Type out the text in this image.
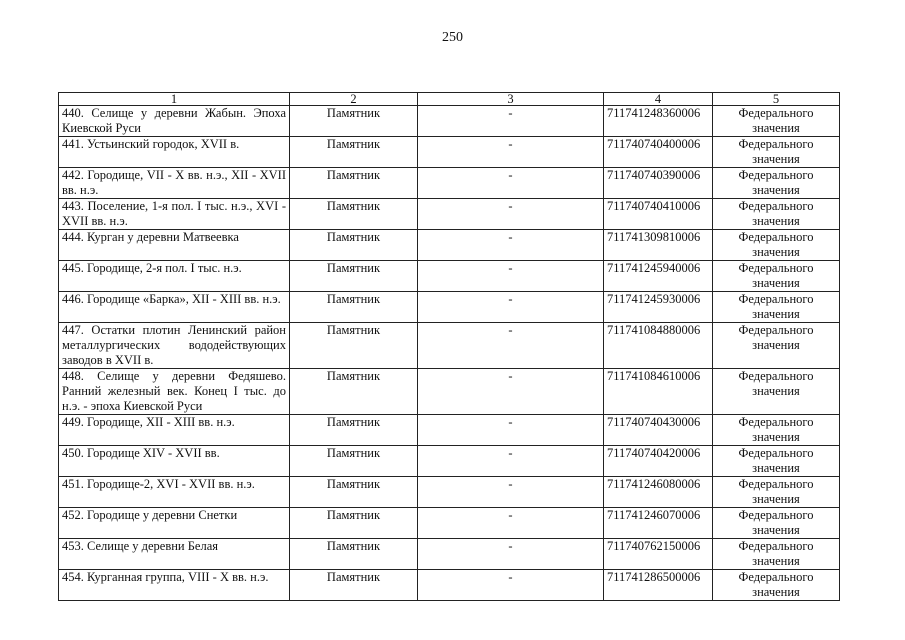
250
1	2	3	4	5
440. Селище у деревни Жабын. Эпоха Киевской Руси	Памятник	-	711741248360006	Федерального значения
441. Устьинский городок, XVII в.	Памятник	-	711740740400006	Федерального значения
442. Городище, VII - X вв. н.э., XII - XVII вв. н.э.	Памятник	-	711740740390006	Федерального значения
443. Поселение, 1-я пол. I тыс. н.э., XVI - XVII вв. н.э.	Памятник	-	711740740410006	Федерального значения
444. Курган у деревни Матвеевка	Памятник	-	711741309810006	Федерального значения
445. Городище, 2-я пол. I тыс. н.э.	Памятник	-	711741245940006	Федерального значения
446. Городище «Барка», XII - XIII вв. н.э.	Памятник	-	711741245930006	Федерального значения
447. Остатки плотин Ленинский район металлургических вододействующих заводов в XVII в.	Памятник	-	711741084880006	Федерального значения
448. Селище у деревни Федяшево. Ранний железный век. Конец I тыс. до н.э. - эпоха Киевской Руси	Памятник	-	711741084610006	Федерального значения
449. Городище, XII - XIII вв. н.э.	Памятник	-	711740740430006	Федерального значения
450. Городище XIV - XVII вв.	Памятник	-	711740740420006	Федерального значения
451. Городище-2, XVI - XVII вв. н.э.	Памятник	-	711741246080006	Федерального значения
452. Городище у деревни Снетки	Памятник	-	711741246070006	Федерального значения
453. Селище у деревни Белая	Памятник	-	711740762150006	Федерального значения
454. Курганная группа, VIII - X вв. н.э.	Памятник	-	711741286500006	Федерального значения
